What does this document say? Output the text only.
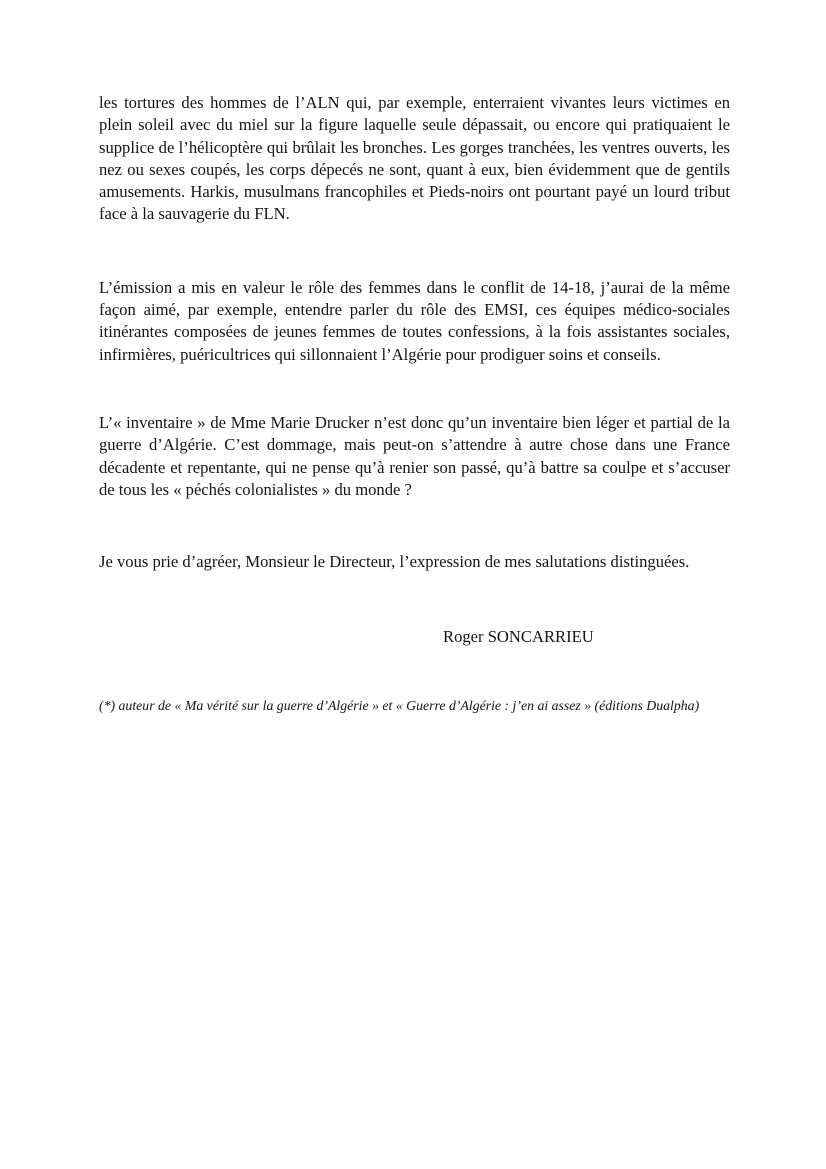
les tortures des hommes de l’ALN qui, par exemple, enterraient vivantes leurs victimes en plein soleil avec du miel sur la figure laquelle seule dépassait, ou encore qui pratiquaient le supplice de l’hélicoptère qui brûlait les bronches. Les gorges tranchées, les ventres ouverts, les nez ou sexes coupés, les corps dépecés ne sont, quant à eux, bien évidemment que de gentils amusements. Harkis, musulmans francophiles et Pieds-noirs ont pourtant payé un lourd tribut face à la sauvagerie du FLN.

L’émission a mis en valeur le rôle des femmes dans le conflit de 14-18, j’aurai de la même façon aimé, par exemple, entendre parler du rôle des EMSI, ces équipes médico-sociales itinérantes composées de jeunes femmes de toutes confessions, à la fois assistantes sociales, infirmières, puéricultrices qui sillonnaient l’Algérie pour prodiguer soins et conseils.

L’« inventaire » de Mme Marie Drucker n’est donc qu’un inventaire bien léger et partial de la guerre d’Algérie. C’est dommage, mais peut-on s’attendre à autre chose dans une France décadente et repentante, qui ne pense qu’à renier son passé, qu’à battre sa coulpe et s’accuser de tous les « péchés colonialistes » du monde ?

Je vous prie d’agréer, Monsieur le Directeur, l’expression de mes salutations distinguées.

Roger SONCARRIEU

(*) auteur de « Ma vérité sur la guerre d’Algérie » et « Guerre d’Algérie : j’en ai assez » (éditions Dualpha)
